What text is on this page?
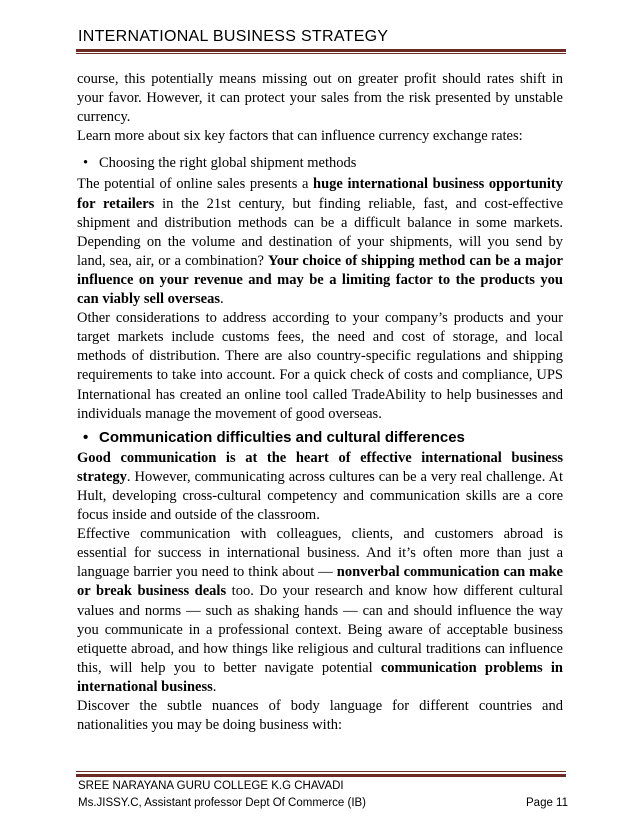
INTERNATIONAL BUSINESS STRATEGY

course, this potentially means missing out on greater profit should rates shift in your favor. However, it can protect your sales from the risk presented by unstable currency.

Learn more about six key factors that can influence currency exchange rates:

• Choosing the right global shipment methods

The potential of online sales presents a huge international business opportunity for retailers in the 21st century, but finding reliable, fast, and cost-effective shipment and distribution methods can be a difficult balance in some markets. Depending on the volume and destination of your shipments, will you send by land, sea, air, or a combination? Your choice of shipping method can be a major influence on your revenue and may be a limiting factor to the products you can viably sell overseas.

Other considerations to address according to your company’s products and your target markets include customs fees, the need and cost of storage, and local methods of distribution. There are also country-specific regulations and shipping requirements to take into account. For a quick check of costs and compliance, UPS International has created an online tool called TradeAbility to help businesses and individuals manage the movement of good overseas.

• Communication difficulties and cultural differences

Good communication is at the heart of effective international business strategy. However, communicating across cultures can be a very real challenge. At Hult, developing cross-cultural competency and communication skills are a core focus inside and outside of the classroom.

Effective communication with colleagues, clients, and customers abroad is essential for success in international business. And it’s often more than just a language barrier you need to think about — nonverbal communication can make or break business deals too. Do your research and know how different cultural values and norms — such as shaking hands — can and should influence the way you communicate in a professional context. Being aware of acceptable business etiquette abroad, and how things like religious and cultural traditions can influence this, will help you to better navigate potential communication problems in international business.

Discover the subtle nuances of body language for different countries and nationalities you may be doing business with:

SREE NARAYANA GURU COLLEGE K.G CHAVADI
Ms.JISSY.C, Assistant professor Dept Of Commerce (IB)	Page 11
